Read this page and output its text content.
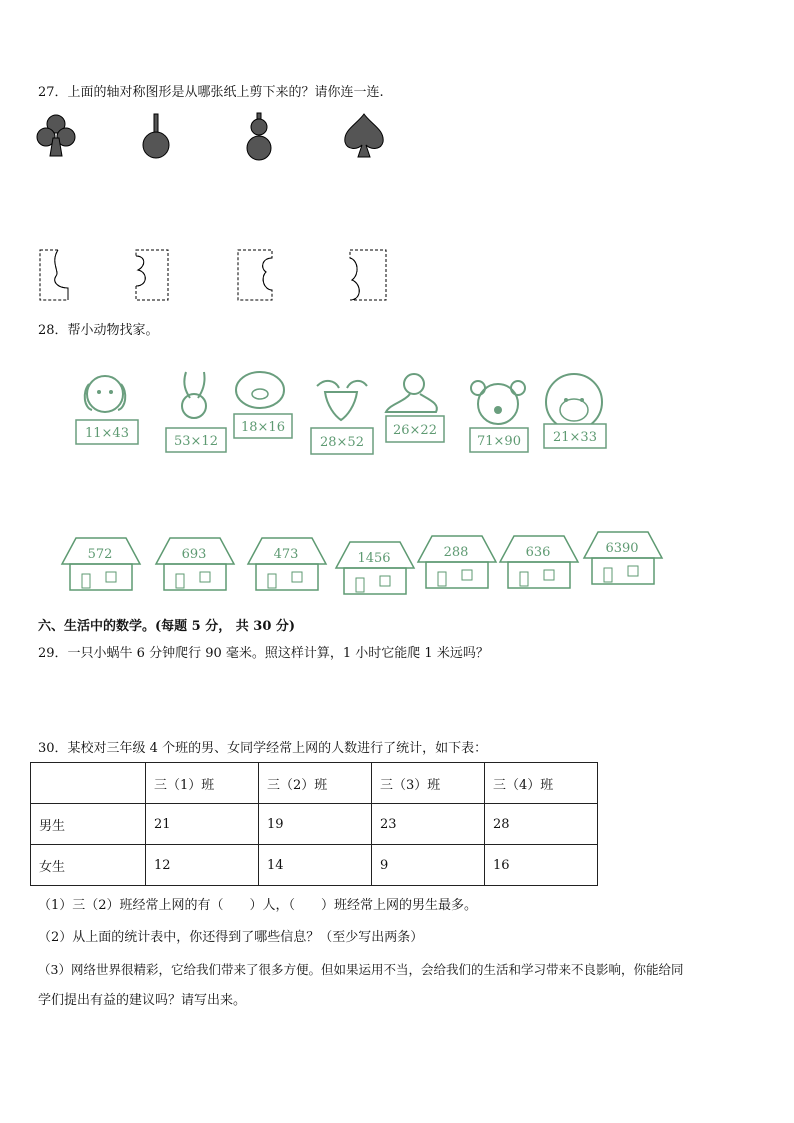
27．上面的轴对称图形是从哪张纸上剪下来的？请你连一连.
28．帮小动物找家。
11×43
53×12
18×16
28×52
26×22
71×90 21×33
572	693	473	1456	288	636	6390
六、生活中的数学。(每题 5 分， 共 30 分)
29．一只小蜗牛 6 分钟爬行 90 毫米。照这样计算，1 小时它能爬 1 米远吗？
30．某校对三年级 4 个班的男、女同学经常上网的人数进行了统计，如下表：
	三（1）班	三（2）班	三（3）班	三（4）班
男生	21	19	23	28
女生	12	14	9	16
（1）三（2）班经常上网的有（　　）人，（　　）班经常上网的男生最多。
（2）从上面的统计表中，你还得到了哪些信息？（至少写出两条）
（3）网络世界很精彩，它给我们带来了很多方便。但如果运用不当，会给我们的生活和学习带来不良影响，你能给同
学们提出有益的建议吗？请写出来。
